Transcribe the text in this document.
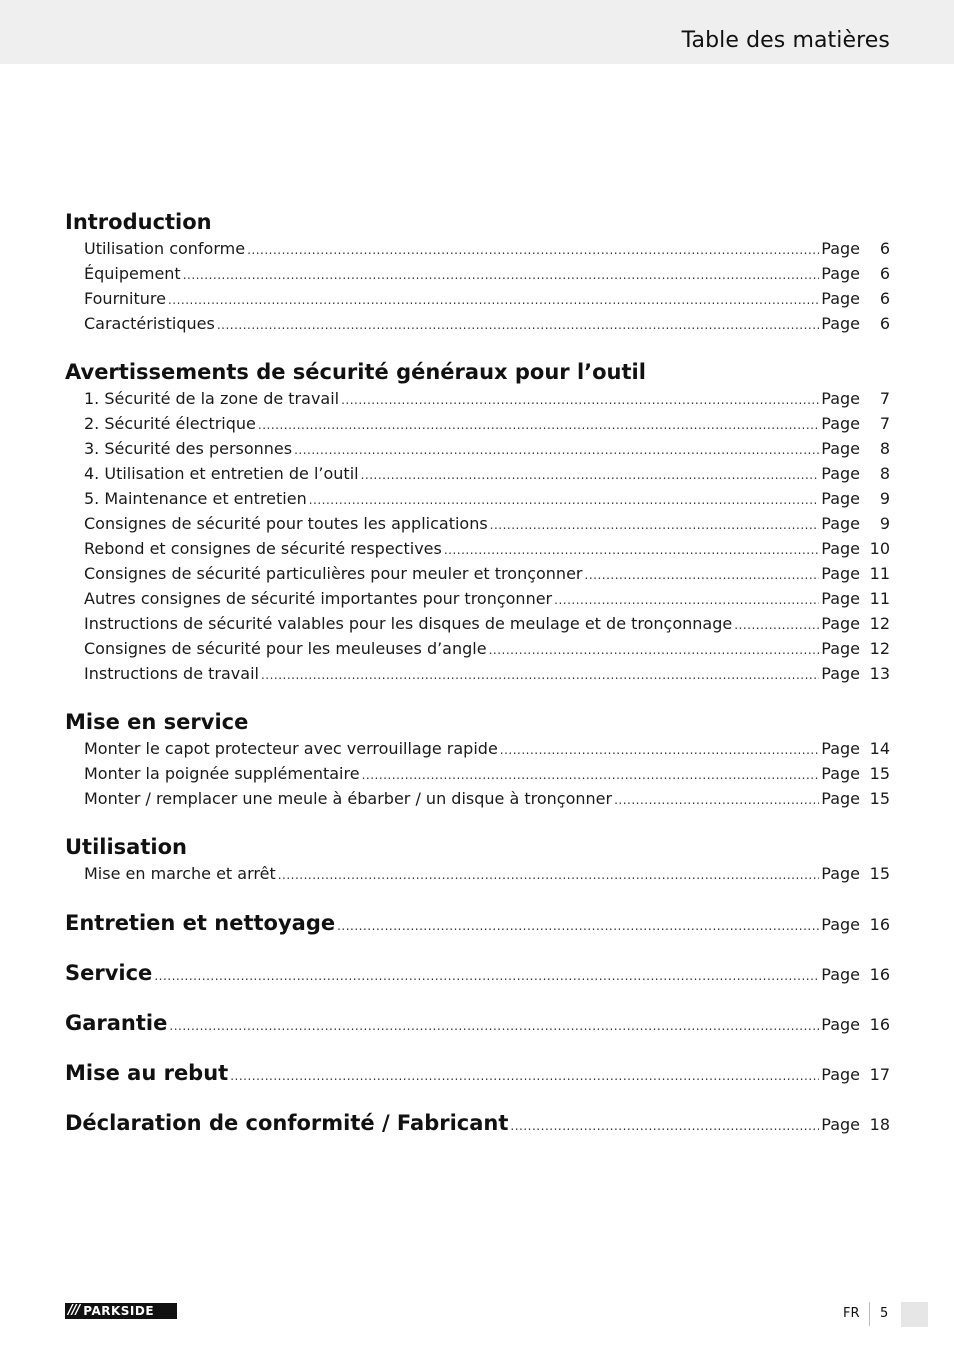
Table des matières
Introduction
Utilisation conforme .....	Page	6
Équipement .....	Page	6
Fourniture .....	Page	6
Caractéristiques .....	Page	6
Avertissements de sécurité généraux pour l’outil
1. Sécurité de la zone de travail .....	Page	7
2. Sécurité électrique .....	Page	7
3. Sécurité des personnes .....	Page	8
4. Utilisation et entretien de l’outil .....	Page	8
5. Maintenance et entretien .....	Page	9
Consignes de sécurité pour toutes les applications .....	Page	9
Rebond et consignes de sécurité respectives .....	Page 10
Consignes de sécurité particulières pour meuler et tronçonner .....	Page 11
Autres consignes de sécurité importantes pour tronçonner .....	Page 11
Instructions de sécurité valables pour les disques de meulage et de tronçonnage .....	Page 12
Consignes de sécurité pour les meuleuses d’angle .....	Page 12
Instructions de travail .....	Page 13
Mise en service
Monter le capot protecteur avec verrouillage rapide .....	Page 14
Monter la poignée supplémentaire .....	Page 15
Monter / remplacer une meule à ébarber / un disque à tronçonner .....	Page 15
Utilisation
Mise en marche et arrêt .....	Page 15
Entretien et nettoyage .....	Page 16
Service .....	Page 16
Garantie .....	Page 16
Mise au rebut .....	Page 17
Déclaration de conformité / Fabricant .....	Page 18
/// PARKSIDE	FR 5
